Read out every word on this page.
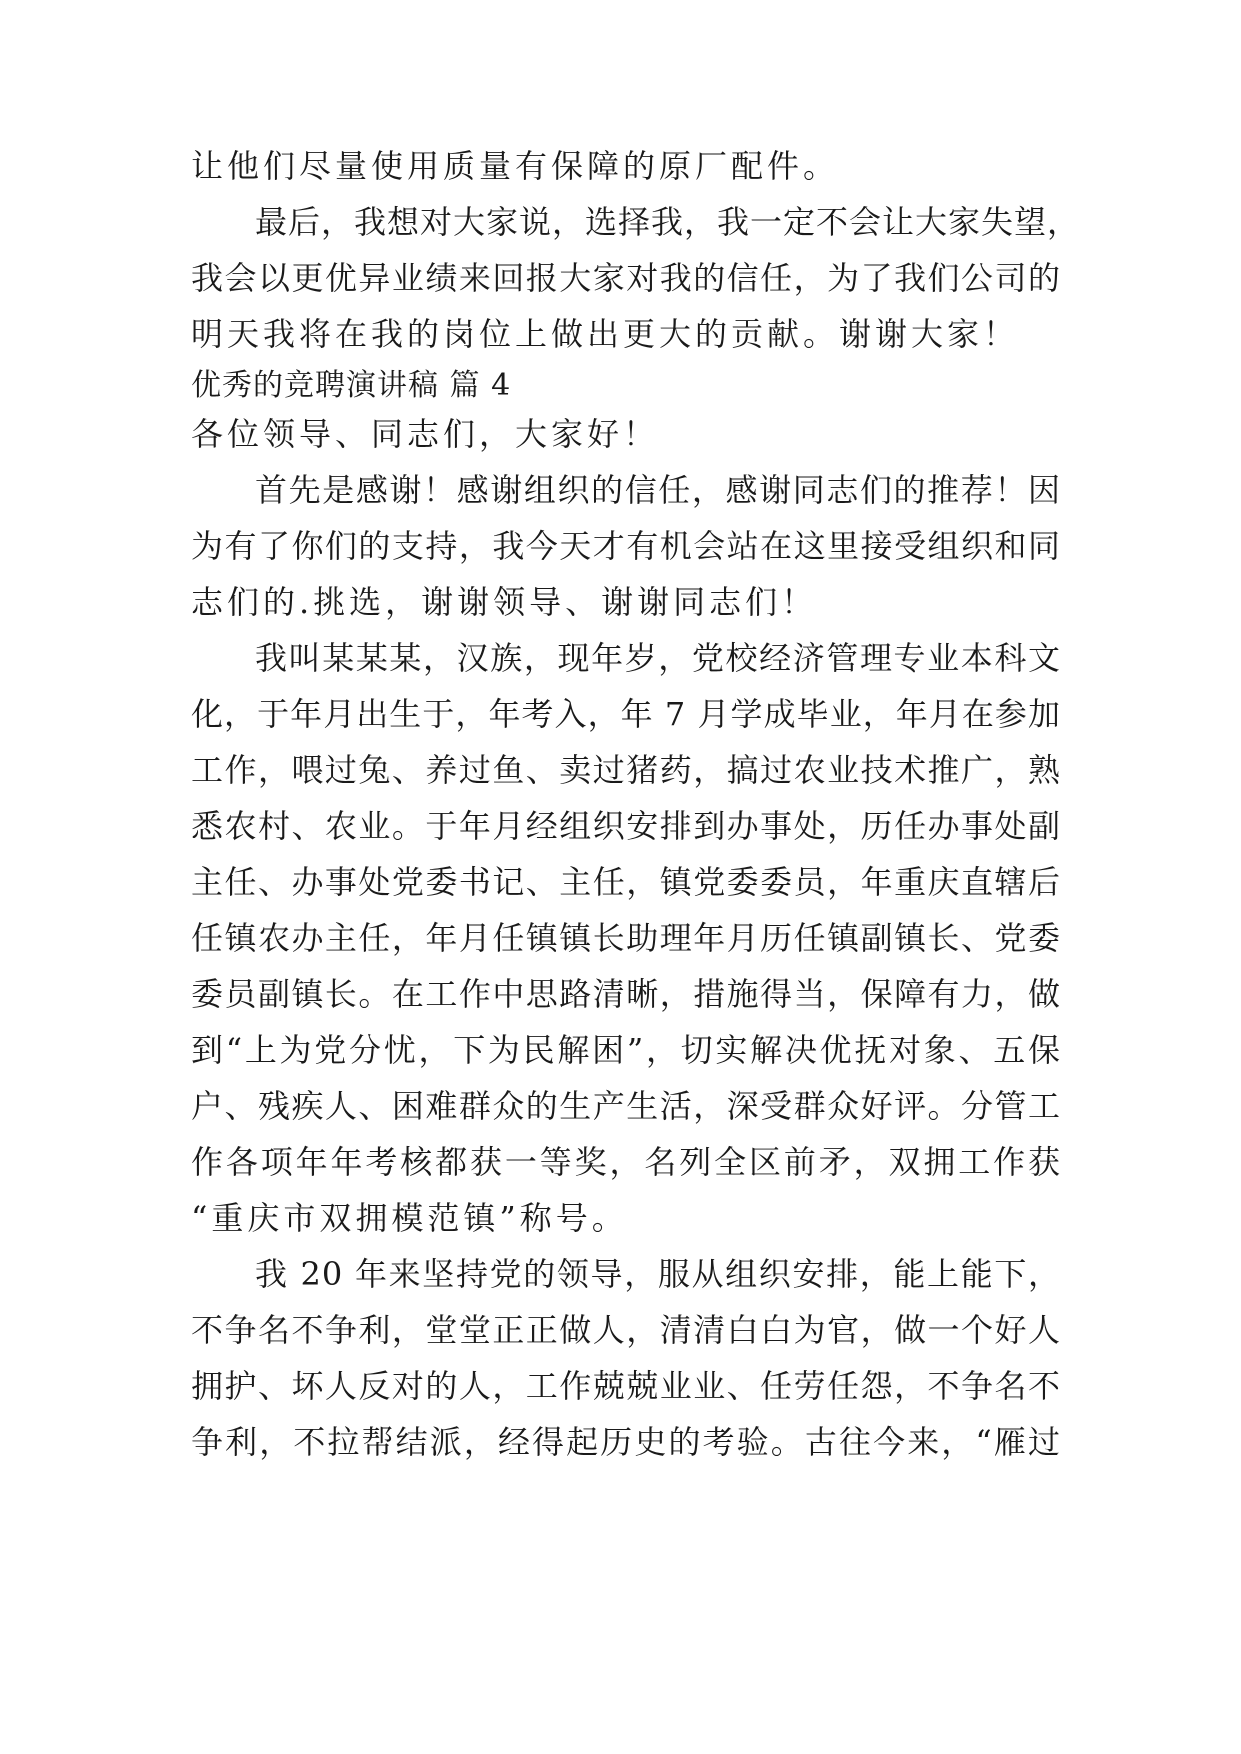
让他们尽量使用质量有保障的原厂配件。
最后，我想对大家说，选择我，我一定不会让大家失望，
我会以更优异业绩来回报大家对我的信任，为了我们公司的
明天我将在我的岗位上做出更大的贡献。谢谢大家！
优秀的竞聘演讲稿 篇 4
各位领导、同志们，大家好！
首先是感谢！感谢组织的信任，感谢同志们的推荐！因
为有了你们的支持，我今天才有机会站在这里接受组织和同
志们的.挑选，谢谢领导、谢谢同志们！
我叫某某某，汉族，现年岁，党校经济管理专业本科文
化，于年月出生于，年考入，年 7 月学成毕业，年月在参加
工作，喂过兔、养过鱼、卖过猪药，搞过农业技术推广，熟
悉农村、农业。于年月经组织安排到办事处，历任办事处副
主任、办事处党委书记、主任，镇党委委员，年重庆直辖后
任镇农办主任，年月任镇镇长助理年月历任镇副镇长、党委
委员副镇长。在工作中思路清晰，措施得当，保障有力，做
到“上为党分忧，下为民解困”，切实解决优抚对象、五保
户、残疾人、困难群众的生产生活，深受群众好评。分管工
作各项年年考核都获一等奖，名列全区前矛，双拥工作获
“重庆市双拥模范镇”称号。
我 20 年来坚持党的领导，服从组织安排，能上能下，
不争名不争利，堂堂正正做人，清清白白为官，做一个好人
拥护、坏人反对的人，工作兢兢业业、任劳任怨，不争名不
争利，不拉帮结派，经得起历史的考验。古往今来，“雁过
